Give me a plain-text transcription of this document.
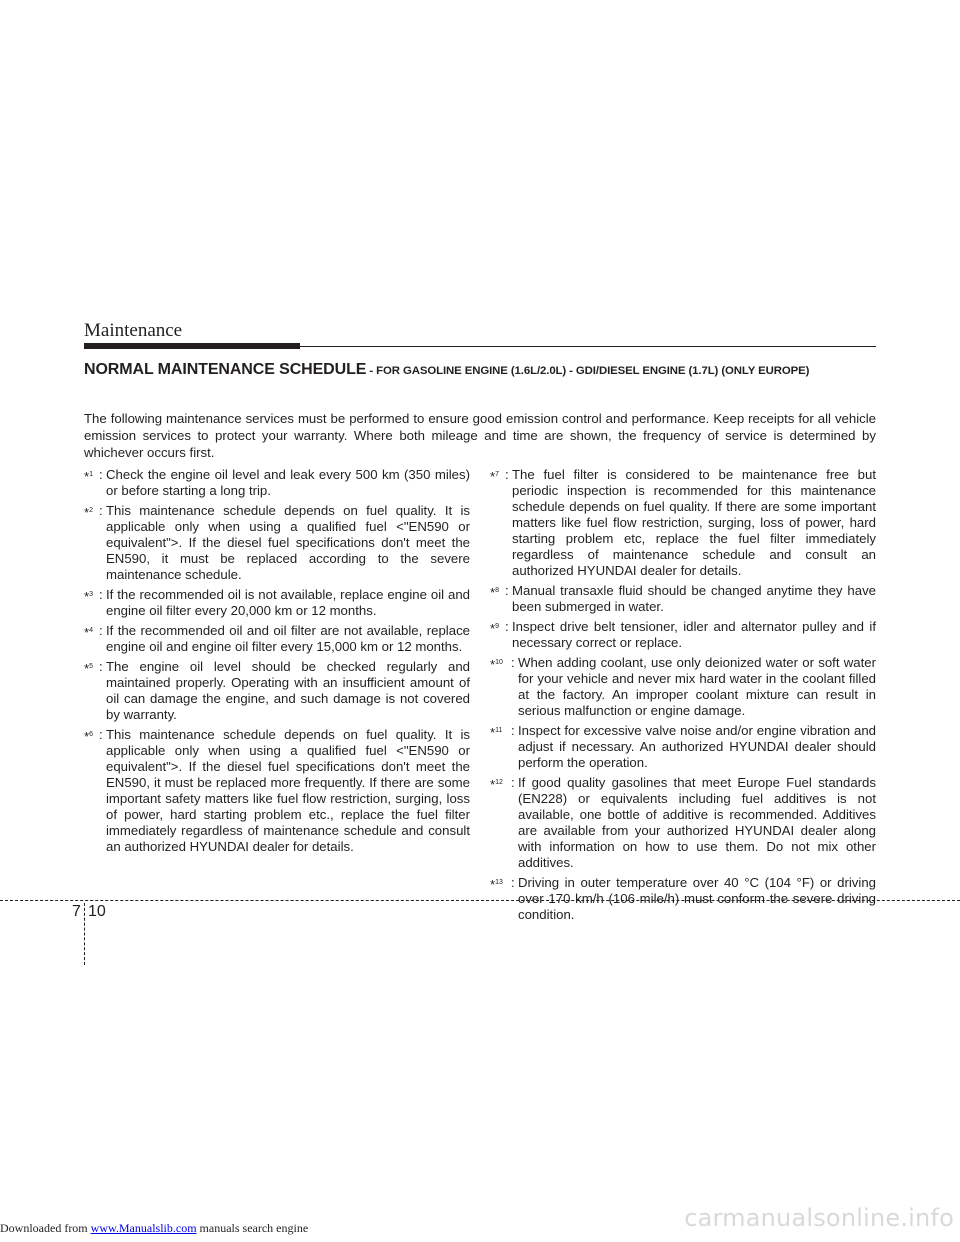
Maintenance
NORMAL MAINTENANCE SCHEDULE - FOR GASOLINE ENGINE (1.6L/2.0L) - GDI/DIESEL ENGINE (1.7L) (ONLY EUROPE)
The following maintenance services must be performed to ensure good emission control and performance. Keep receipts for all vehicle emission services to protect your warranty. Where both mileage and time are shown, the frequency of service is determined by whichever occurs first.
*$^1$ : Check the engine oil level and leak every 500 km (350 miles) or before starting a long trip.
*$^2$ : This maintenance schedule depends on fuel quality. It is applicable only when using a qualified fuel <"EN590 or equivalent">. If the diesel fuel specifications don't meet the EN590, it must be replaced according to the severe maintenance schedule.
*$^3$ : If the recommended oil is not available, replace engine oil and engine oil filter every 20,000 km or 12 months.
*$^4$ : If the recommended oil and oil filter are not available, replace engine oil and engine oil filter every 15,000 km or 12 months.
*$^5$ : The engine oil level should be checked regularly and maintained properly. Operating with an insufficient amount of oil can damage the engine, and such damage is not covered by warranty.
*$^6$ : This maintenance schedule depends on fuel quality. It is applicable only when using a qualified fuel <"EN590 or equivalent">. If the diesel fuel specifications don't meet the EN590, it must be replaced more frequently. If there are some important safety matters like fuel flow restriction, surging, loss of power, hard starting problem etc., replace the fuel filter immediately regardless of maintenance schedule and consult an authorized HYUNDAI dealer for details.
*$^7$ : The fuel filter is considered to be maintenance free but periodic inspection is recommended for this maintenance schedule depends on fuel quality. If there are some important matters like fuel flow restriction, surging, loss of power, hard starting problem etc, replace the fuel filter immediately regardless of maintenance schedule and consult an authorized HYUNDAI dealer for details.
*$^8$ : Manual transaxle fluid should be changed anytime they have been submerged in water.
*$^9$ : Inspect drive belt tensioner, idler and alternator pulley and if necessary correct or replace.
*$^{10}$ : When adding coolant, use only deionized water or soft water for your vehicle and never mix hard water in the coolant filled at the factory. An improper coolant mixture can result in serious malfunction or engine damage.
*$^{11}$ : Inspect for excessive valve noise and/or engine vibration and adjust if necessary. An authorized HYUNDAI dealer should perform the operation.
*$^{12}$ : If good quality gasolines that meet Europe Fuel standards (EN228) or equivalents including fuel additives is not available, one bottle of additive is recommended. Additives are available from your authorized HYUNDAI dealer along with information on how to use them. Do not mix other additives.
*$^{13}$ : Driving in outer temperature over 40 °C (104 °F) or driving over 170 km/h (106 mile/h) must conform the severe driving condition.
7 10
Downloaded from www.Manualslib.com manuals search engine	carmanualsonline.info
